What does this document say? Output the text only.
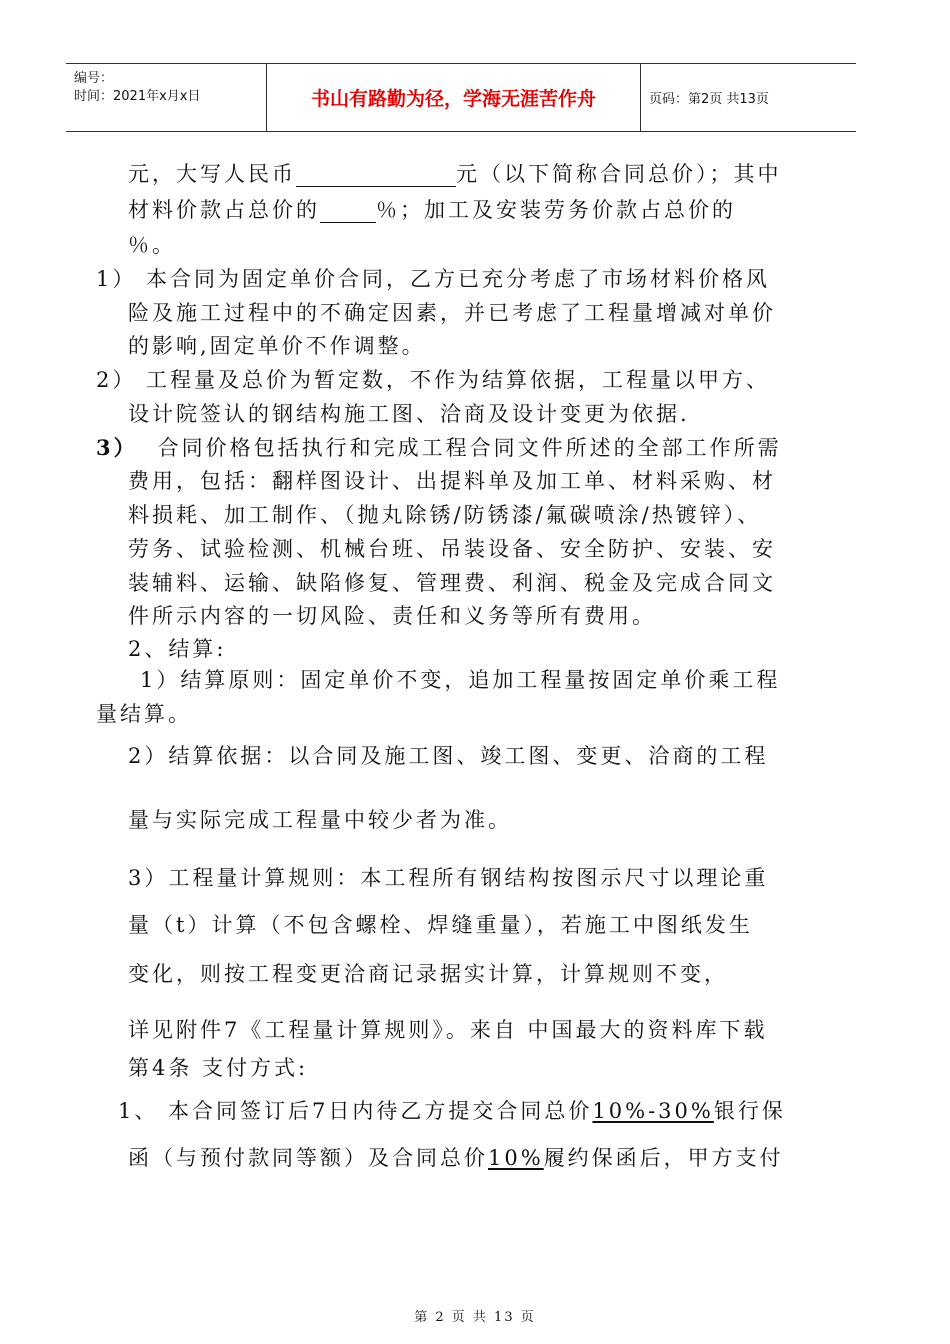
编号：
时间：2021年x月x日	书山有路勤为径，学海无涯苦作舟	页码：第2页 共13页
元，大写人民币	元（以下简称合同总价）；其中
材料价款占总价的	％；加工及安装劳务价款占总价的
％。
1） 本合同为固定单价合同，乙方已充分考虑了市场材料价格风
险及施工过程中的不确定因素，并已考虑了工程量增减对单价
的影响,固定单价不作调整。
2） 工程量及总价为暂定数，不作为结算依据，工程量以甲方、
设计院签认的钢结构施工图、洽商及设计变更为依据.
3） 合同价格包括执行和完成工程合同文件所述的全部工作所需
费用，包括：翻样图设计、出提料单及加工单、材料采购、材
料损耗、加工制作、（抛丸除锈/防锈漆/氟碳喷涂/热镀锌）、
劳务、试验检测、机械台班、吊装设备、安全防护、安装、安
装辅料、运输、缺陷修复、管理费、利润、税金及完成合同文
件所示内容的一切风险、责任和义务等所有费用。
2、结算:
1）结算原则：固定单价不变，追加工程量按固定单价乘工程
量结算。
2）结算依据：以合同及施工图、竣工图、变更、洽商的工程
量与实际完成工程量中较少者为准。
3）工程量计算规则：本工程所有钢结构按图示尺寸以理论重
量（t）计算（不包含螺栓、焊缝重量），若施工中图纸发生
变化，则按工程变更洽商记录据实计算，计算规则不变，
详见附件7《工程量计算规则》。来自 中国最大的资料库下载
第4条 支付方式:
1、 本合同签订后7日内待乙方提交合同总价10%-30%银行保
函（与预付款同等额）及合同总价10%履约保函后，甲方支付
第 2 页 共 13 页
